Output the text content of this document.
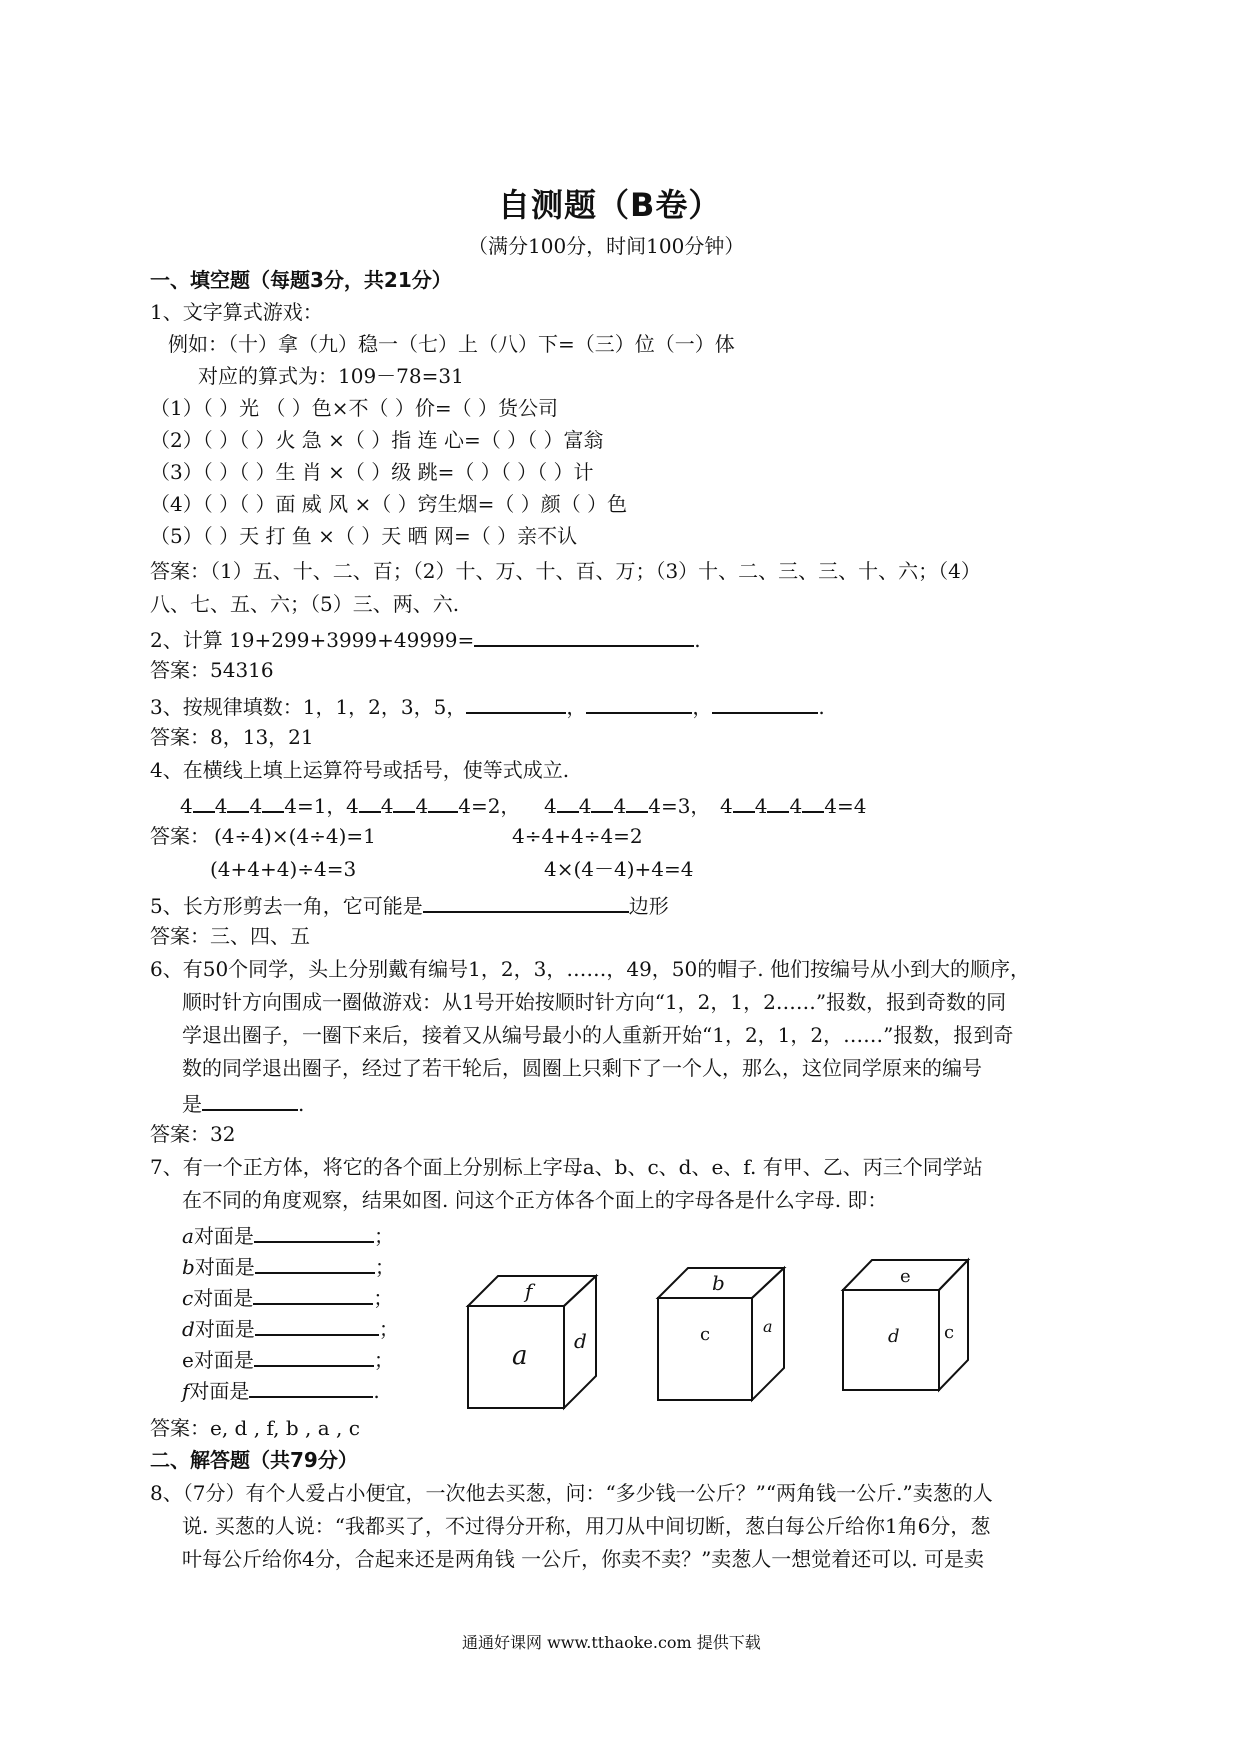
自测题（B卷）
（满分100分，时间100分钟）
一、填空题（每题3分，共21分）
1、文字算式游戏：
例如：（十）拿（九）稳一（七）上（八）下=（三）位（一）体
对应的算式为：109－78=31
（1）（ ）光 （ ）色×不（ ）价=（ ）货公司
（2）（ ）（ ）火 急 ×（ ）指 连 心=（ ）（ ）富翁
（3）（ ）（ ）生 肖 ×（ ）级 跳=（ ）（ ）（ ）计
（4）（ ）（ ）面 威 风 ×（ ）窍生烟=（ ）颜（ ）色
（5）（ ）天 打 鱼 ×（ ）天 晒 网=（ ）亲不认
答案：（1）五、十、二、百；（2）十、万、十、百、万；（3）十、二、三、三、十、六；（4）
八、七、五、六；（5）三、两、六.
2、计算 19+299+3999+49999=	.
答案：54316
3、按规律填数：1，1，2，3，5，	，	，	.
答案：8，13，21
4、在横线上填上运算符号或括号，使等式成立.
4 4 4 4=1， 4 4 4 4=2， 4 4 4 4=3， 4 4 4 4=4
答案： (4÷4)×(4÷4)=1	4÷4+4÷4=2
(4+4+4)÷4=3	4×(4－4)+4=4
5、长方形剪去一角，它可能是	边形
答案：三、四、五
6、有50个同学，头上分别戴有编号1，2，3，……，49，50的帽子. 他们按编号从小到大的顺序，
顺时针方向围成一圈做游戏：从1号开始按顺时针方向“1，2，1，2……”报数，报到奇数的同
学退出圈子，一圈下来后，接着又从编号最小的人重新开始“1，2，1，2，……”报数，报到奇
数的同学退出圈子，经过了若干轮后，圆圈上只剩下了一个人，那么，这位同学原来的编号
是	.
答案：32
7、有一个正方体，将它的各个面上分别标上字母a、b、c、d、e、f. 有甲、乙、丙三个同学站
在不同的角度观察，结果如图. 问这个正方体各个面上的字母各是什么字母. 即：
a对面是	；
b对面是	；
c对面是	；
d对面是	；
e对面是	；
f对面是	.
f
a d
b
c	a
e
d c
答案：e, d , f, b , a , c
二、解答题（共79分）
8、（7分）有个人爱占小便宜，一次他去买葱，问：“多少钱一公斤？”“两角钱一公斤.”卖葱的人
说. 买葱的人说：“我都买了，不过得分开称，用刀从中间切断，葱白每公斤给你1角6分，葱
叶每公斤给你4分，合起来还是两角钱 一公斤，你卖不卖？”卖葱人一想觉着还可以. 可是卖
通通好课网 www.tthaoke.com 提供下载
